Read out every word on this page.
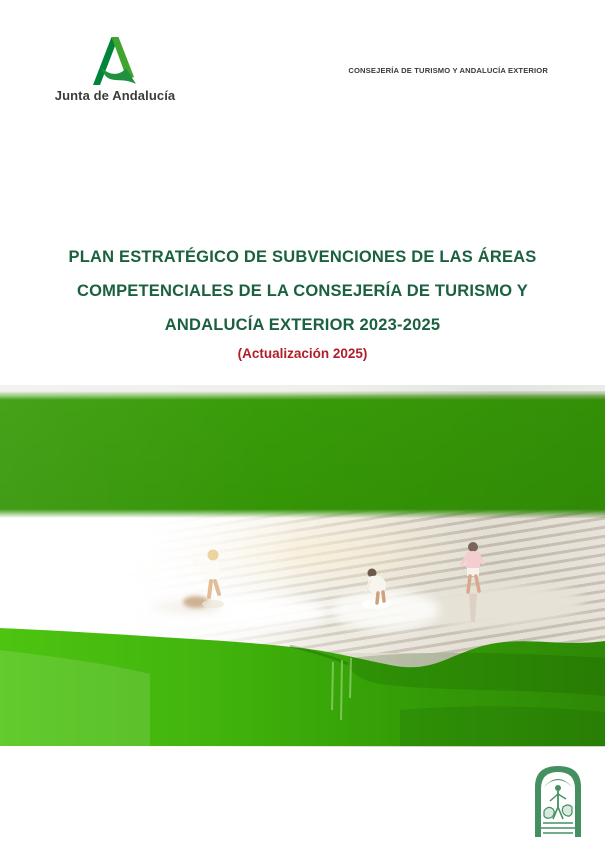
Junta de Andalucía
CONSEJERÍA DE TURISMO Y ANDALUCÍA EXTERIOR
PLAN ESTRATÉGICO DE SUBVENCIONES DE LAS ÁREAS
COMPETENCIALES DE LA CONSEJERÍA DE TURISMO Y
ANDALUCÍA EXTERIOR 2023-2025
(Actualización 2025)
